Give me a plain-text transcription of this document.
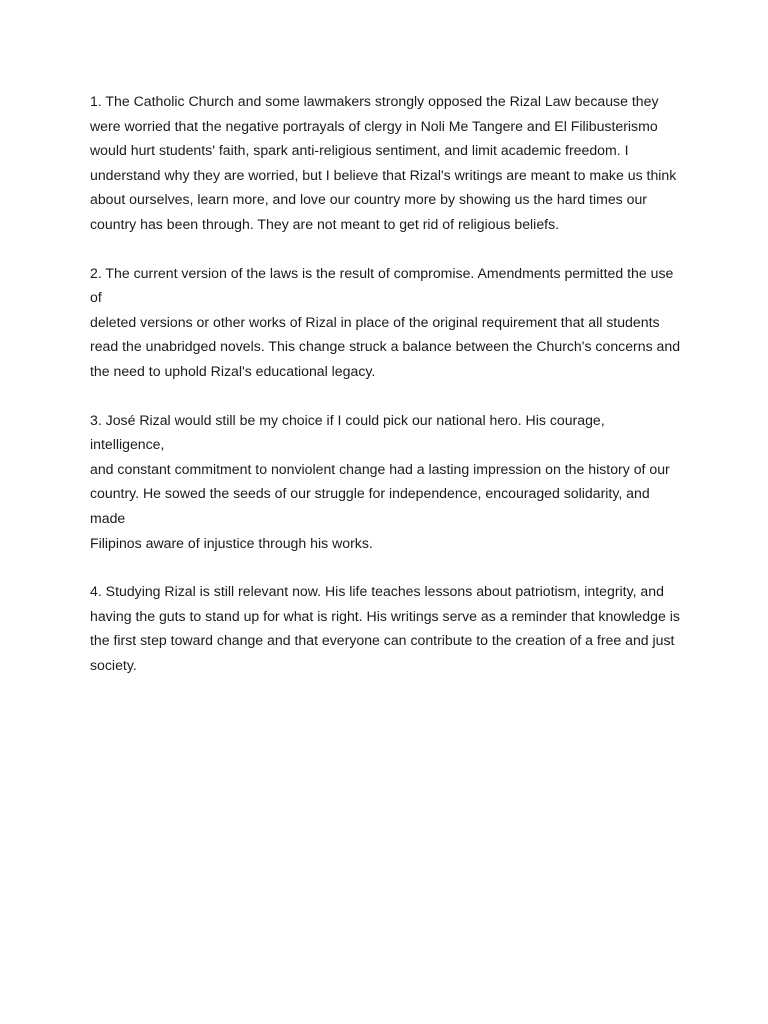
1. The Catholic Church and some lawmakers strongly opposed the Rizal Law because they
were worried that the negative portrayals of clergy in Noli Me Tangere and El Filibusterismo
would hurt students' faith, spark anti-religious sentiment, and limit academic freedom. I
understand why they are worried, but I believe that Rizal's writings are meant to make us think
about ourselves, learn more, and love our country more by showing us the hard times our
country has been through. They are not meant to get rid of religious beliefs.

2. The current version of the laws is the result of compromise. Amendments permitted the use of
deleted versions or other works of Rizal in place of the original requirement that all students
read the unabridged novels. This change struck a balance between the Church's concerns and
the need to uphold Rizal's educational legacy.

3. José Rizal would still be my choice if I could pick our national hero. His courage, intelligence,
and constant commitment to nonviolent change had a lasting impression on the history of our
country. He sowed the seeds of our struggle for independence, encouraged solidarity, and made
Filipinos aware of injustice through his works.

4. Studying Rizal is still relevant now. His life teaches lessons about patriotism, integrity, and
having the guts to stand up for what is right. His writings serve as a reminder that knowledge is
the first step toward change and that everyone can contribute to the creation of a free and just
society.
